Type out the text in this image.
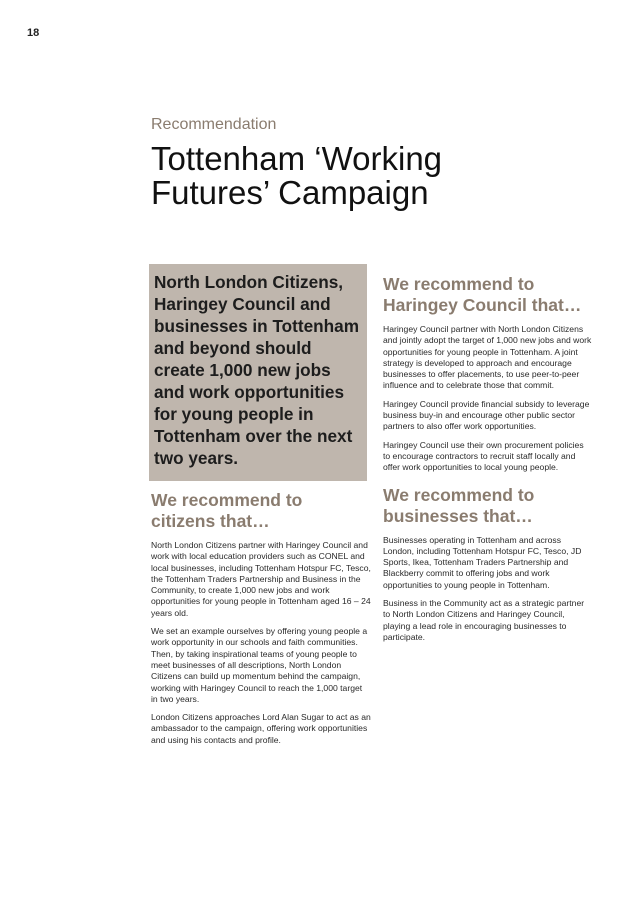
18
Recommendation
Tottenham ‘Working Futures’ Campaign

North London Citizens, Haringey Council and businesses in Tottenham and beyond should create 1,000 new jobs and work opportunities for young people in Tottenham over the next two years.

We recommend to citizens that…

North London Citizens partner with Haringey Council and work with local education providers such as CONEL and local businesses, including Tottenham Hotspur FC, Tesco, the Tottenham Traders Partnership and Business in the Community, to create 1,000 new jobs and work opportunities for young people in Tottenham aged 16 – 24 years old.

We set an example ourselves by offering young people a work opportunity in our schools and faith communities. Then, by taking inspirational teams of young people to meet businesses of all descriptions, North London Citizens can build up momentum behind the campaign, working with Haringey Council to reach the 1,000 target in two years.

London Citizens approaches Lord Alan Sugar to act as an ambassador to the campaign, offering work opportunities and using his contacts and profile.

We recommend to Haringey Council that…

Haringey Council partner with North London Citizens and jointly adopt the target of 1,000 new jobs and work opportunities for young people in Tottenham. A joint strategy is developed to approach and encourage businesses to offer placements, to use peer-to-peer influence and to celebrate those that commit.

Haringey Council provide financial subsidy to leverage business buy-in and encourage other public sector partners to also offer work opportunities.

Haringey Council use their own procurement policies to encourage contractors to recruit staff locally and offer work opportunities to local young people.

We recommend to businesses that…

Businesses operating in Tottenham and across London, including Tottenham Hotspur FC, Tesco, JD Sports, Ikea, Tottenham Traders Partnership and Blackberry commit to offering jobs and work opportunities to young people in Tottenham.

Business in the Community act as a strategic partner to North London Citizens and Haringey Council, playing a lead role in encouraging businesses to participate.
